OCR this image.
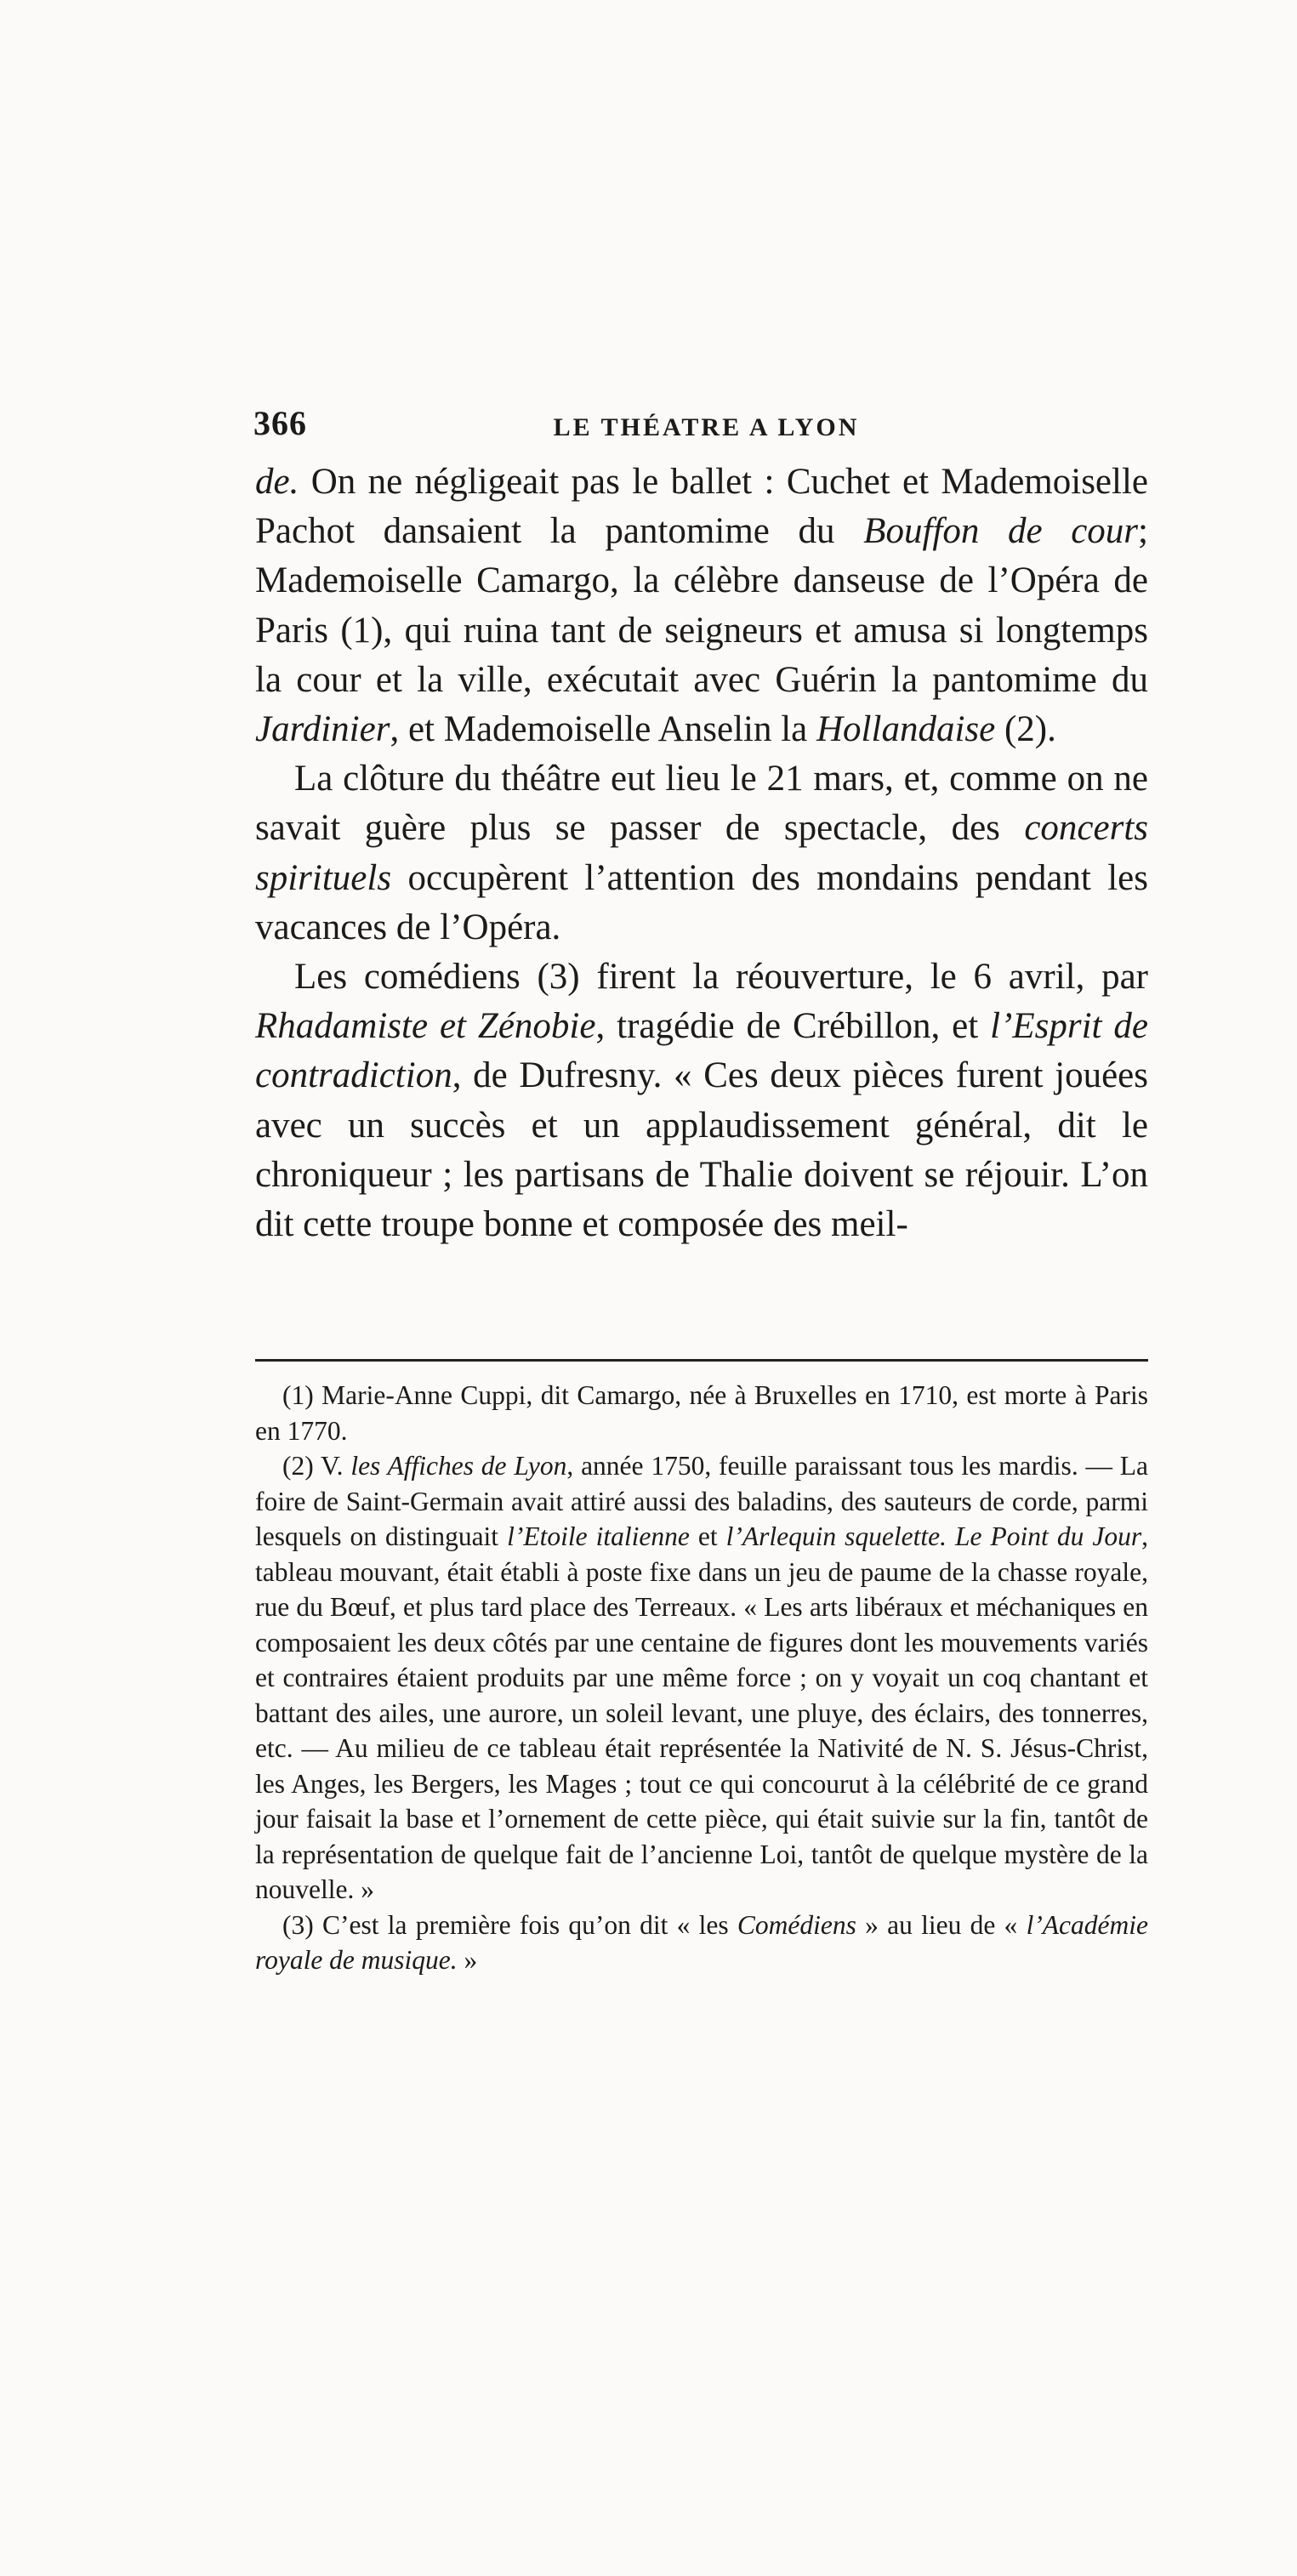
366	LE THÉATRE A LYON

de. On ne négligeait pas le ballet : Cuchet et Mademoiselle Pachot dansaient la pantomime du Bouffon de cour; Mademoiselle Camargo, la célèbre danseuse de l’Opéra de Paris (1), qui ruina tant de seigneurs et amusa si longtemps la cour et la ville, exécutait avec Guérin la pantomime du Jardinier, et Mademoiselle Anselin la Hollandaise (2).

La clôture du théâtre eut lieu le 21 mars, et, comme on ne savait guère plus se passer de spectacle, des concerts spirituels occupèrent l’attention des mondains pendant les vacances de l’Opéra.

Les comédiens (3) firent la réouverture, le 6 avril, par Rhadamiste et Zénobie, tragédie de Crébillon, et l’Esprit de contradiction, de Dufresny. « Ces deux pièces furent jouées avec un succès et un applaudissement général, dit le chroniqueur ; les partisans de Thalie doivent se réjouir. L’on dit cette troupe bonne et composée des meil-

(1) Marie-Anne Cuppi, dit Camargo, née à Bruxelles en 1710, est morte à Paris en 1770.

(2) V. les Affiches de Lyon, année 1750, feuille paraissant tous les mardis. — La foire de Saint-Germain avait attiré aussi des baladins, des sauteurs de corde, parmi lesquels on distinguait l’Etoile italienne et l’Arlequin squelette. Le Point du Jour, tableau mouvant, était établi à poste fixe dans un jeu de paume de la chasse royale, rue du Bœuf, et plus tard place des Terreaux. « Les arts libéraux et méchaniques en composaient les deux côtés par une centaine de figures dont les mouvements variés et contraires étaient produits par une même force ; on y voyait un coq chantant et battant des ailes, une aurore, un soleil levant, une pluye, des éclairs, des tonnerres, etc. — Au milieu de ce tableau était représentée la Nativité de N. S. Jésus-Christ, les Anges, les Bergers, les Mages ; tout ce qui concourut à la célébrité de ce grand jour faisait la base et l’ornement de cette pièce, qui était suivie sur la fin, tantôt de la représentation de quelque fait de l’ancienne Loi, tantôt de quelque mystère de la nouvelle. »

(3) C’est la première fois qu’on dit « les Comédiens » au lieu de « l’Académie royale de musique. »
